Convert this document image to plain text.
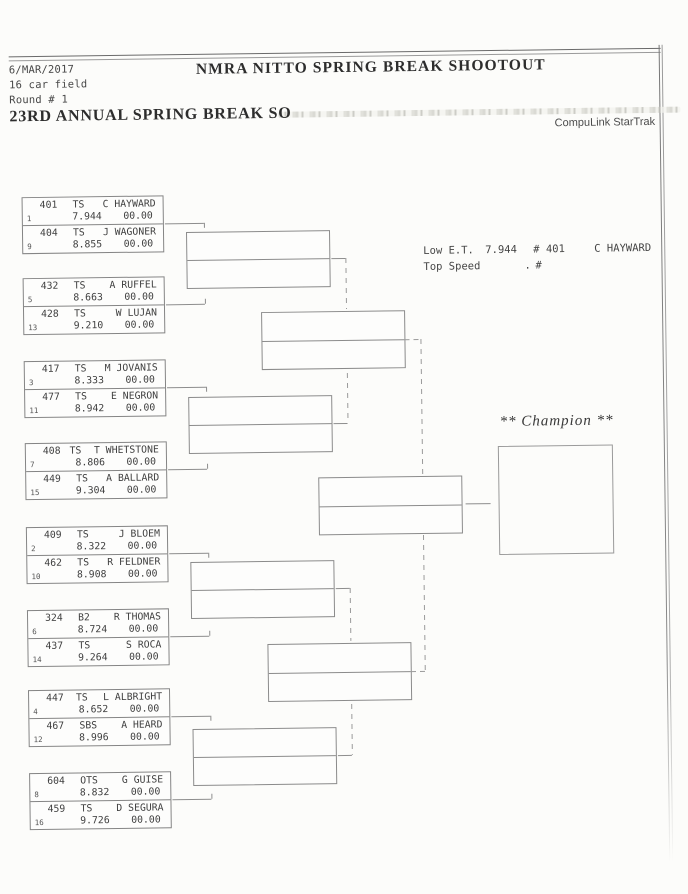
6/MAR/2017
16 car field
Round # 1
NMRA NITTO SPRING BREAK SHOOTOUT
23RD ANNUAL SPRING BREAK SO	CompuLink StarTrak
Low E.T. 7.944 # 401	C HAYWARD
Top Speed	. #
401	TS	C HAYWARD
1	7.944 00.00
404	TS	J WAGONER
9	8.855 00.00
432	TS	A RUFFEL
5	8.663 00.00
428	TS	W LUJAN
13	9.210 00.00
417	TS	M JOVANIS
3	8.333 00.00
477	TS	E NEGRON
11	8.942 00.00
408 TS	T WHETSTONE
7	8.806 00.00
449	TS	A BALLARD
15	9.304 00.00
409	TS	J BLOEM
2	8.322 00.00
462	TS	R FELDNER
10	8.908 00.00
324	B2	R THOMAS
6	8.724 00.00
437	TS	S ROCA
14	9.264 00.00
447	TS	L ALBRIGHT
4	8.652 00.00
467	SBS	A HEARD
12	8.996 00.00
604	OTS	G GUISE
8	8.832 00.00
459	TS	D SEGURA
16	9.726 00.00
** Champion **
